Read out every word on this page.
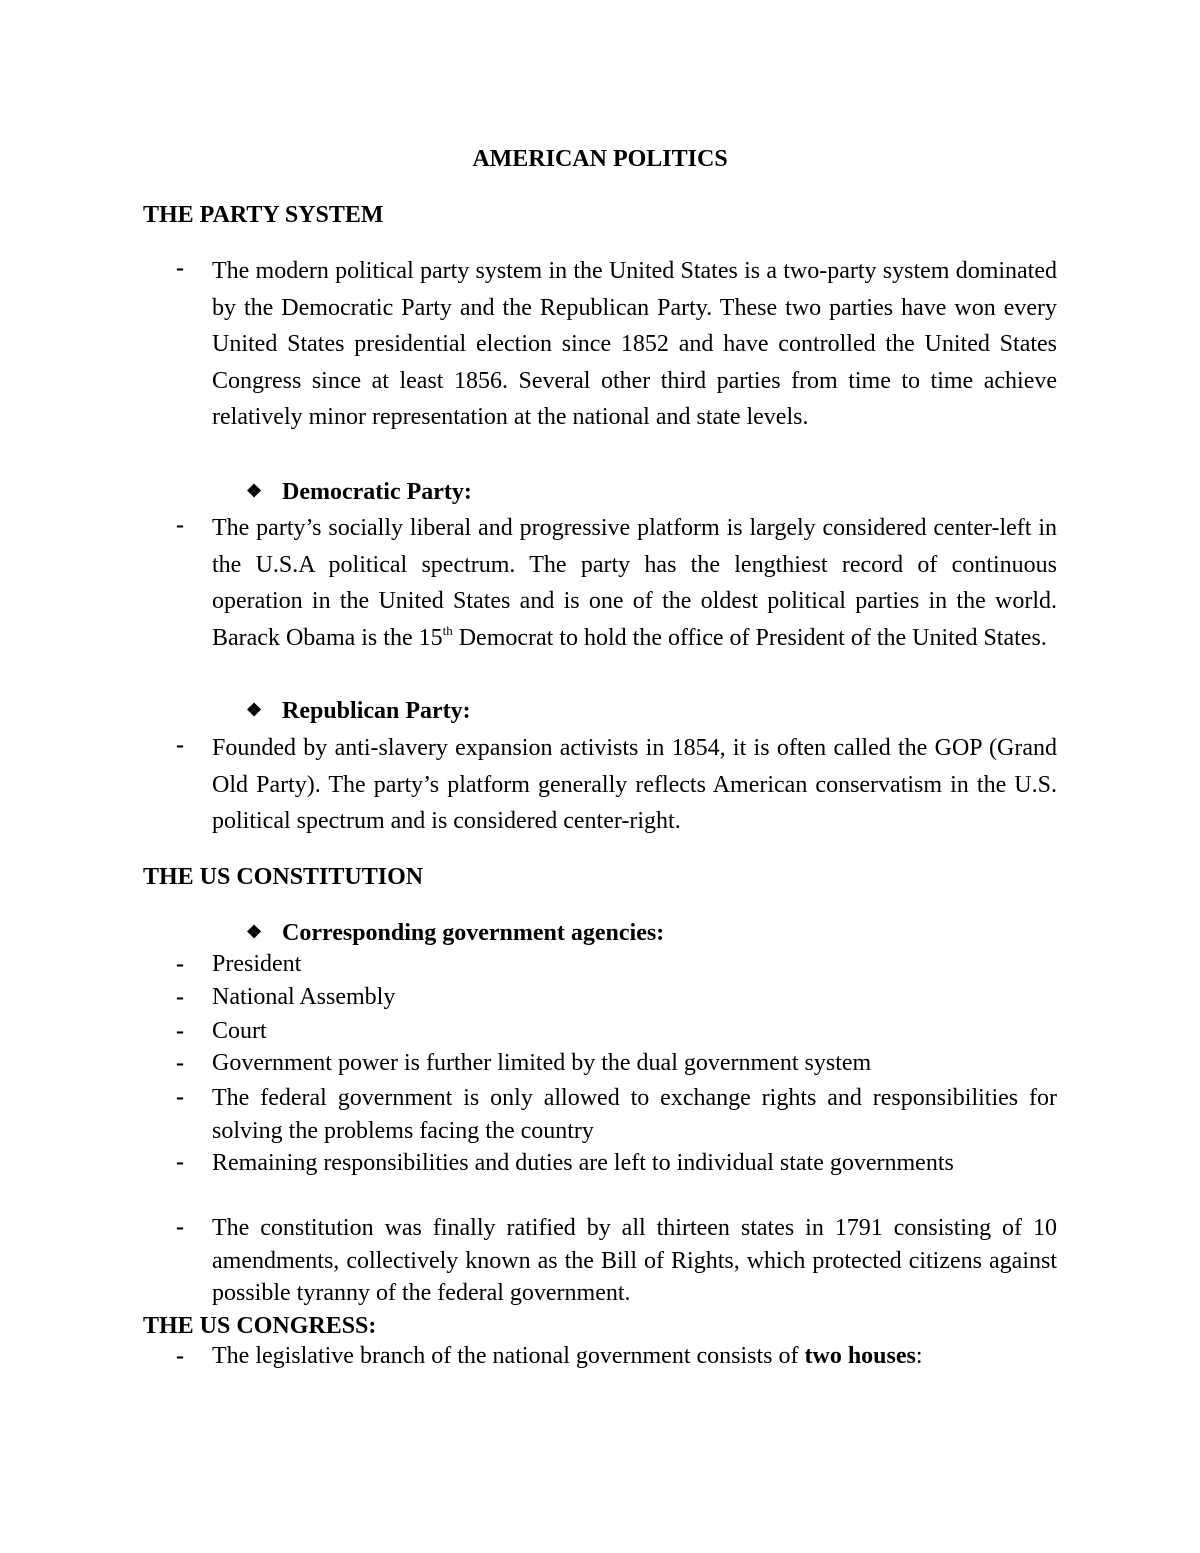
AMERICAN POLITICS
THE PARTY SYSTEM
- The modern political party system in the United States is a two-party system dominated by the Democratic Party and the Republican Party. These two parties have won every United States presidential election since 1852 and have controlled the United States Congress since at least 1856. Several other third parties from time to time achieve relatively minor representation at the national and state levels.
❖ Democratic Party:
- The party’s socially liberal and progressive platform is largely considered center-left in the U.S.A political spectrum. The party has the lengthiest record of continuous operation in the United States and is one of the oldest political parties in the world. Barack Obama is the 15th Democrat to hold the office of President of the United States.
❖ Republican Party:
- Founded by anti-slavery expansion activists in 1854, it is often called the GOP (Grand Old Party). The party’s platform generally reflects American conservatism in the U.S. political spectrum and is considered center-right.
THE US CONSTITUTION
❖ Corresponding government agencies:
- President
- National Assembly
- Court
- Government power is further limited by the dual government system
- The federal government is only allowed to exchange rights and responsibilities for solving the problems facing the country
- Remaining responsibilities and duties are left to individual state governments
- The constitution was finally ratified by all thirteen states in 1791 consisting of 10 amendments, collectively known as the Bill of Rights, which protected citizens against possible tyranny of the federal government.
THE US CONGRESS:
- The legislative branch of the national government consists of two houses:
